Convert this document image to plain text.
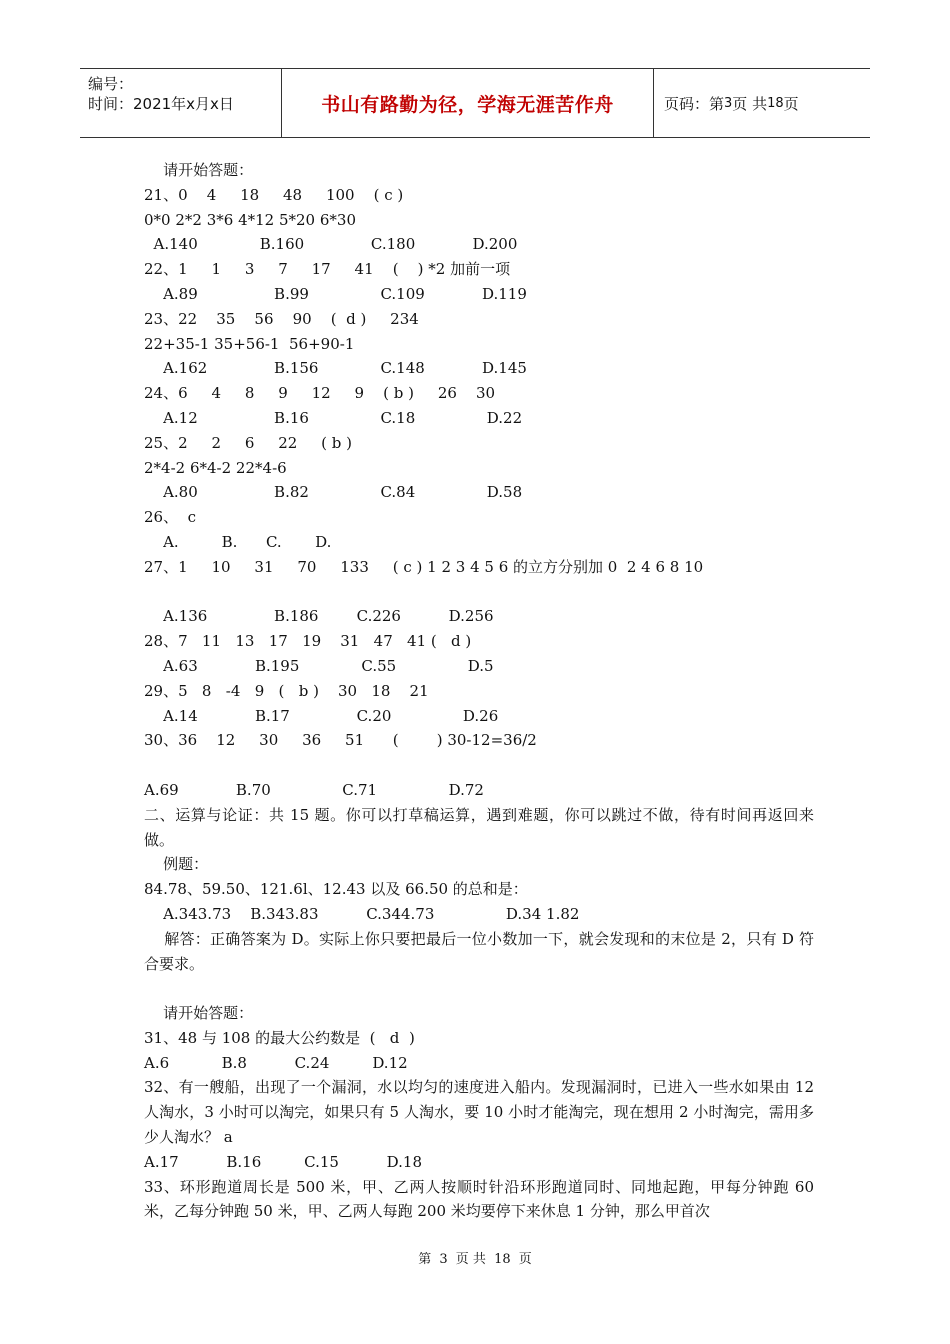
编号：
时间：2021年x月x日	书山有路勤为径，学海无涯苦作舟	页码：第 3 页 共 18 页
请开始答题：
21、0    4     18     48     100    ( c )
0*0 2*2 3*6 4*12 5*20 6*30
A.140             B.160              C.180            D.200
22、1     1     3     7     17     41    (    ) *2 加前一项
A.89                B.99               C.109            D.119
23、22    35    56    90    (  d )     234
22+35-1 35+56-1  56+90-1
A.162              B.156             C.148            D.145
24、6     4     8     9     12     9    ( b )     26    30
A.12                B.16               C.18               D.22
25、2     2     6     22     ( b )
2*4-2 6*4-2 22*4-6
A.80                B.82               C.84               D.58
26、  c
A.         B.      C.       D.
27、1     10     31     70     133     ( c ) 1 2 3 4 5 6 的立方分别加 0  2 4 6 8 10
A.136              B.186        C.226          D.256
28、7   11   13   17   19    31   47   41 (   d )
A.63            B.195             C.55               D.5
29、5   8   -4   9   (   b )    30   18    21
A.14            B.17              C.20               D.26
30、36    12     30     36     51      (        ) 30-12=36/2
A.69            B.70               C.71               D.72
二、运算与论证：共 15 题。你可以打草稿运算，遇到难题，你可以跳过不做，待有时间再返回来做。
例题：
84.78、59.50、121.6l、12.43 以及 66.50 的总和是：
A.343.73    B.343.83          C.344.73               D.34 1.82
解答：正确答案为 D。实际上你只要把最后一位小数加一下，就会发现和的末位是 2，只有 D 符合要求。
请开始答题：
31、48 与 108 的最大公约数是  (   d  )
A.6           B.8          C.24         D.12
32、有一艘船，出现了一个漏洞，水以均匀的速度进入船内。发现漏洞时，已进入一些水如果由 12 人淘水，3 小时可以淘完，如果只有 5 人淘水，要 10 小时才能淘完，现在想用 2 小时淘完，需用多少人淘水？ a
A.17          B.16         C.15          D.18
33、环形跑道周长是 500 米，甲、乙两人按顺时针沿环形跑道同时、同地起跑，甲每分钟跑 60 米，乙每分钟跑 50 米，甲、乙两人每跑 200 米均要停下来休息 1 分钟，那么甲首次
第 3 页 共 18 页
